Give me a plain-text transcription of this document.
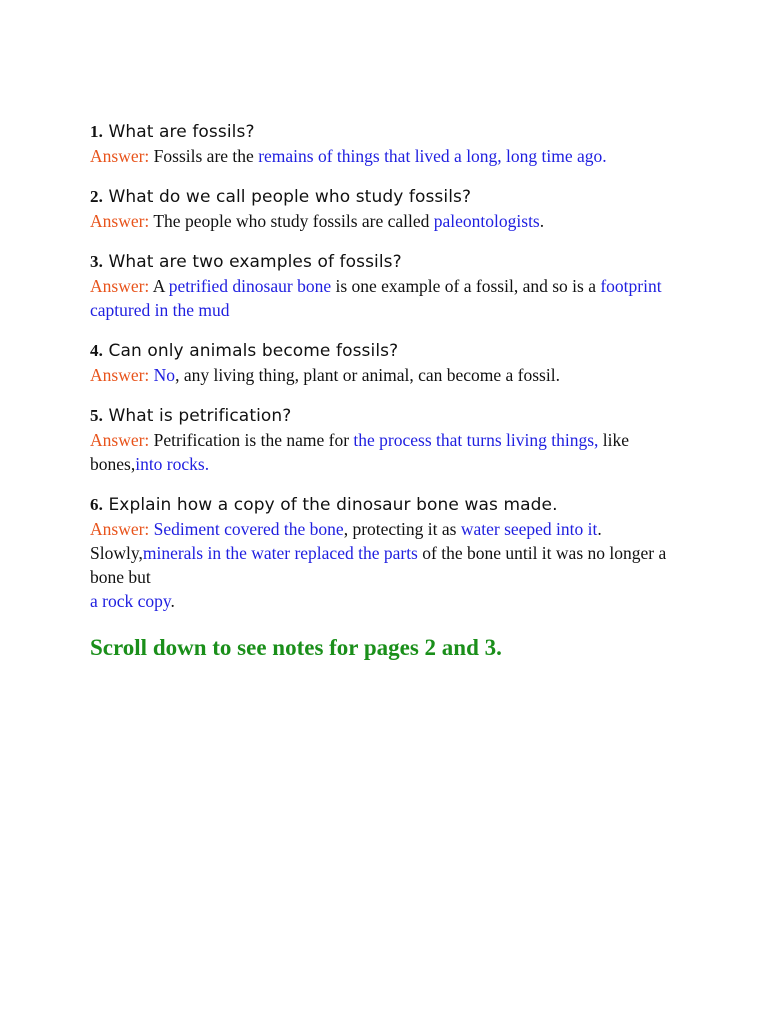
1. What are fossils?
Answer: Fossils are the remains of things that lived a long, long time ago.
2. What do we call people who study fossils?
Answer: The people who study fossils are called paleontologists.
3. What are two examples of fossils?
Answer: A petrified dinosaur bone is one example of a fossil, and so is a footprint captured in the mud
4. Can only animals become fossils?
Answer: No, any living thing, plant or animal, can become a fossil.
5. What is petrification?
Answer: Petrification is the name for the process that turns living things, like bones,into rocks.
6. Explain how a copy of the dinosaur bone was made.
Answer: Sediment covered the bone, protecting it as water seeped into it. Slowly,minerals in the water replaced the parts of the bone until it was no longer a bone but
a rock copy.
Scroll down to see notes for pages 2 and 3.
